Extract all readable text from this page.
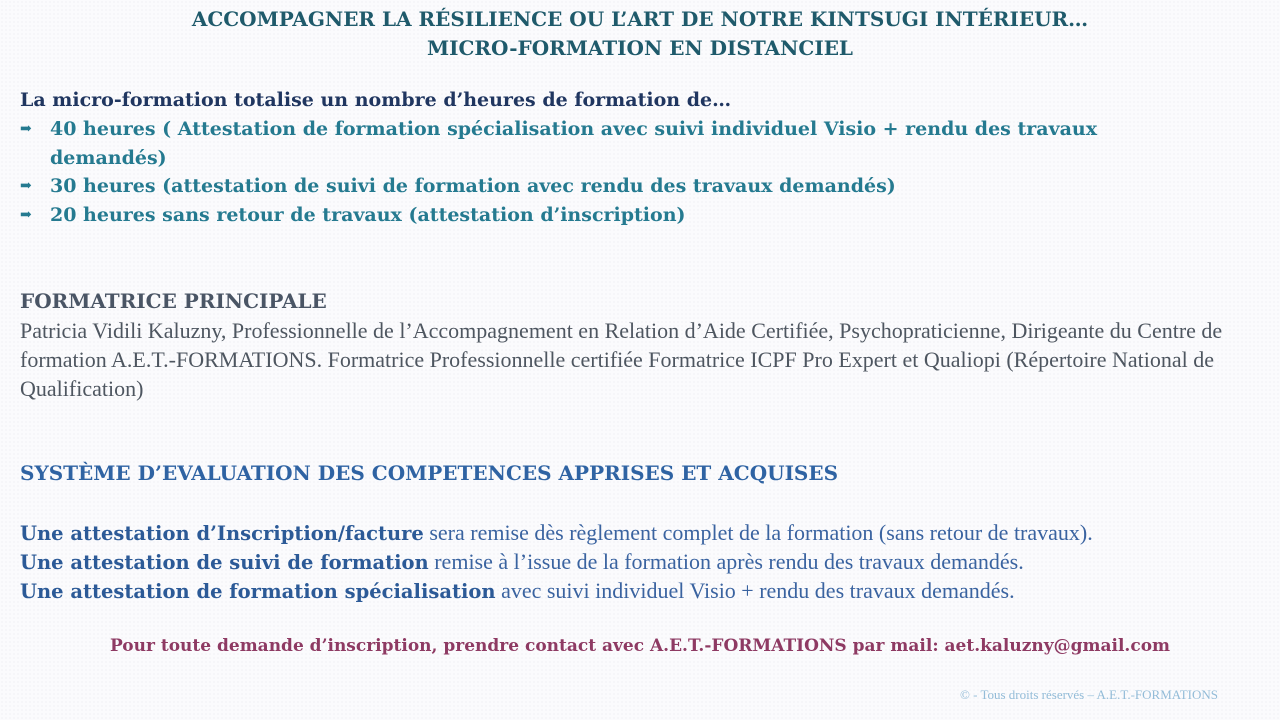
ACCOMPAGNER LA RÉSILIENCE OU L’ART DE NOTRE KINTSUGI INTÉRIEUR…
MICRO-FORMATION EN DISTANCIEL
La micro-formation totalise un nombre d’heures de formation de…
➡ 40 heures ( Attestation de formation spécialisation avec suivi individuel Visio + rendu des travaux demandés)
➡ 30 heures (attestation de suivi de formation avec rendu des travaux demandés)
➡ 20 heures sans retour de travaux (attestation d’inscription)
FORMATRICE PRINCIPALE
Patricia Vidili Kaluzny, Professionnelle de l’Accompagnement en Relation d’Aide Certifiée, Psychopraticienne, Dirigeante du Centre de formation A.E.T.-FORMATIONS. Formatrice Professionnelle certifiée Formatrice ICPF Pro Expert et Qualiopi (Répertoire National de Qualification)
SYSTÈME D’EVALUATION DES COMPETENCES APPRISES ET ACQUISES
Une attestation d’Inscription/facture sera remise dès règlement complet de la formation (sans retour de travaux).
Une attestation de suivi de formation remise à l’issue de la formation après rendu des travaux demandés.
Une attestation de formation spécialisation avec suivi individuel Visio + rendu des travaux demandés.
Pour toute demande d’inscription, prendre contact avec A.E.T.-FORMATIONS par mail: aet.kaluzny@gmail.com
© - Tous droits réservés – A.E.T.-FORMATIONS
